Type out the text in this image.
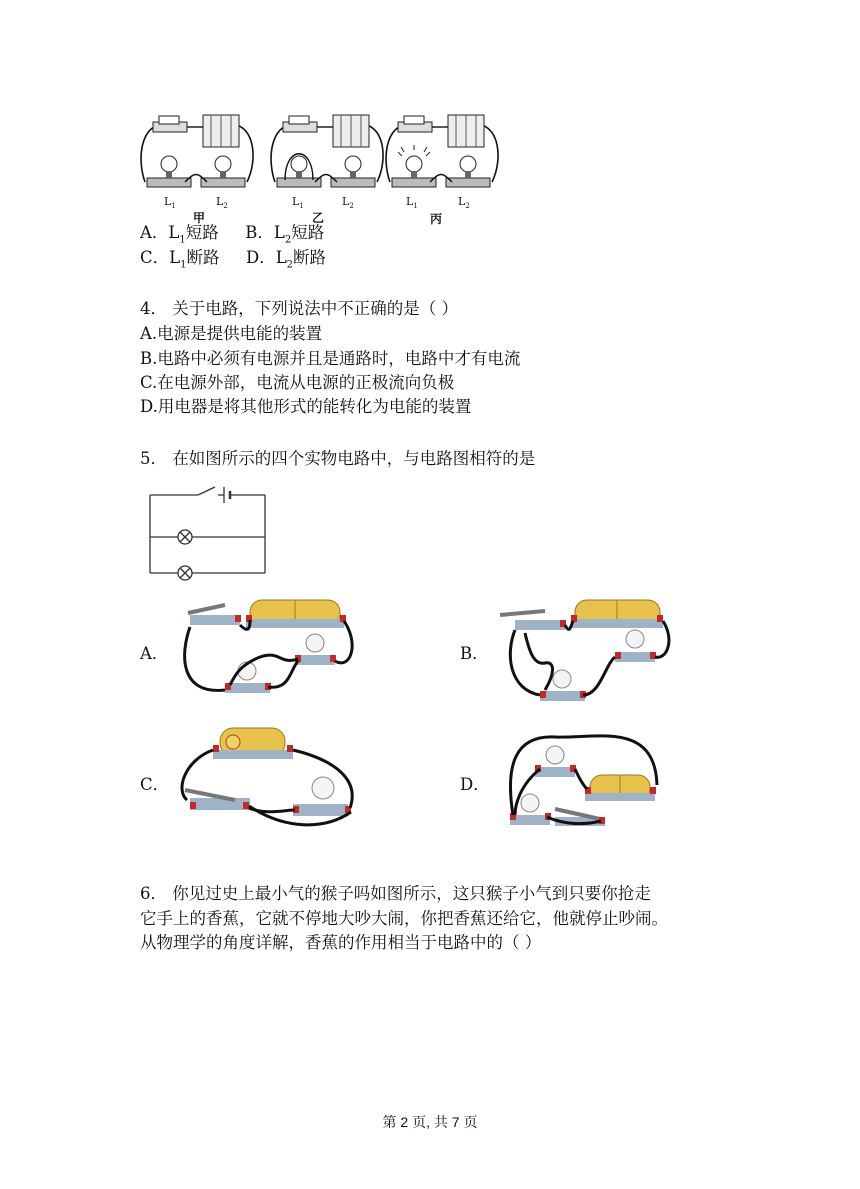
$L_1$	$L_2$	$L_1$	$L_2$	$L_1$	$L_2$
甲	乙	丙
A．$L_1$短路 B．$L_2$短路
C．$L_1$断路 D．$L_2$断路
4． 关于电路，下列说法中不正确的是（ ）
A.电源是提供电能的装置
B.电路中必须有电源并且是通路时，电路中才有电流
C.在电源外部，电流从电源的正极流向负极
D.用电器是将其他形式的能转化为电能的装置
5． 在如图所示的四个实物电路中，与电路图相符的是
A．	B．
C．	D．
6． 你见过史上最小气的猴子吗如图所示，这只猴子小气到只要你抢走
它手上的香蕉，它就不停地大吵大闹，你把香蕉还给它，他就停止吵闹。
从物理学的角度详解，香蕉的作用相当于电路中的（ ）
第 2 页, 共 7 页
